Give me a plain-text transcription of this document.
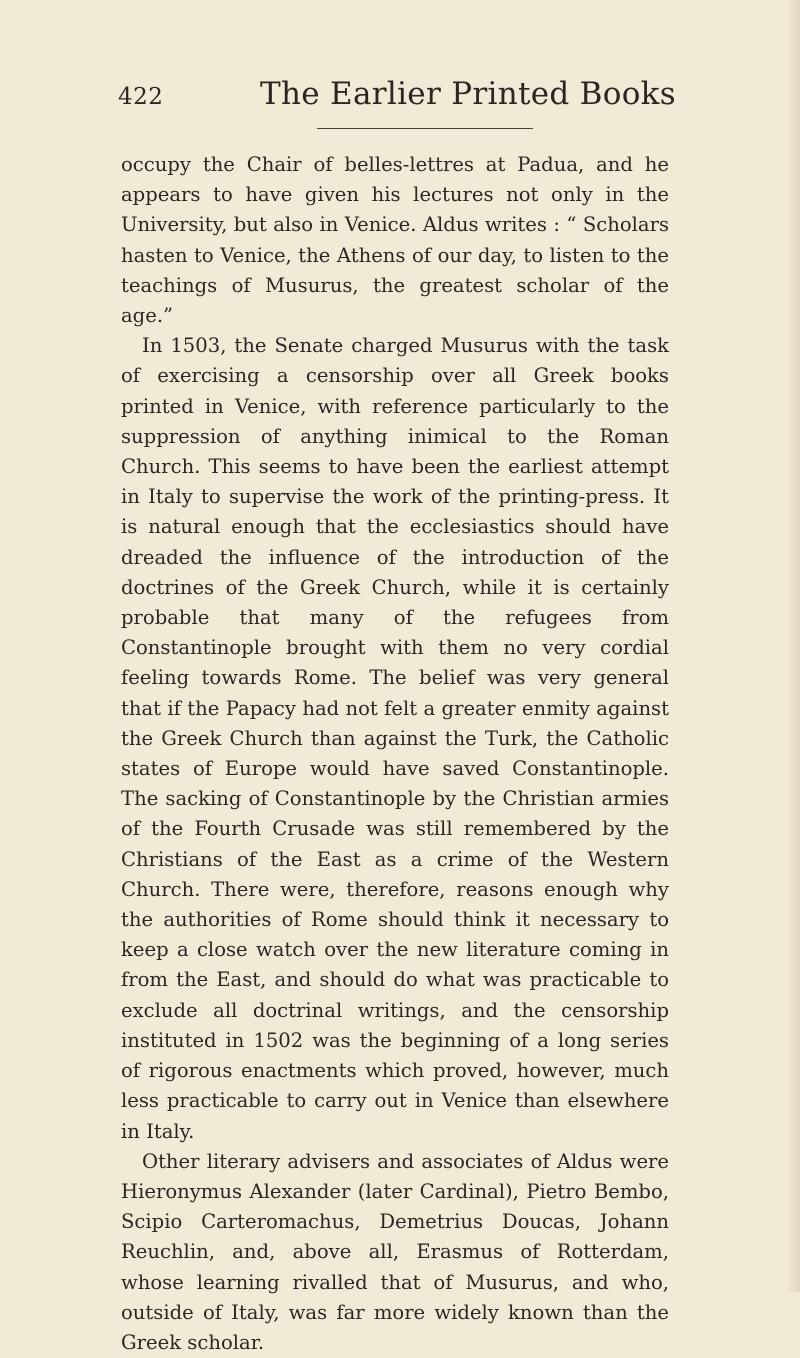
422	The Earlier Printed Books

occupy the Chair of belles-lettres at Padua, and he appears to have given his lectures not only in the University, but also in Venice. Aldus writes : “ Scholars hasten to Venice, the Athens of our day, to listen to the teachings of Musurus, the greatest scholar of the age.”

In 1503, the Senate charged Musurus with the task of exercising a censorship over all Greek books printed in Venice, with reference particularly to the suppression of anything inimical to the Roman Church. This seems to have been the earliest attempt in Italy to supervise the work of the printing-press. It is natural enough that the ecclesiastics should have dreaded the influence of the introduction of the doctrines of the Greek Church, while it is certainly probable that many of the refugees from Constantinople brought with them no very cordial feeling towards Rome. The belief was very general that if the Papacy had not felt a greater enmity against the Greek Church than against the Turk, the Catholic states of Europe would have saved Constantinople. The sacking of Constantinople by the Christian armies of the Fourth Crusade was still remembered by the Christians of the East as a crime of the Western Church. There were, therefore, reasons enough why the authorities of Rome should think it necessary to keep a close watch over the new literature coming in from the East, and should do what was practicable to exclude all doctrinal writings, and the censorship instituted in 1502 was the beginning of a long series of rigorous enactments which proved, however, much less practicable to carry out in Venice than elsewhere in Italy.

Other literary advisers and associates of Aldus were Hieronymus Alexander (later Cardinal), Pietro Bembo, Scipio Carteromachus, Demetrius Doucas, Johann Reuchlin, and, above all, Erasmus of Rotterdam, whose learning rivalled that of Musurus, and who, outside of Italy, was far more widely known than the Greek scholar.
